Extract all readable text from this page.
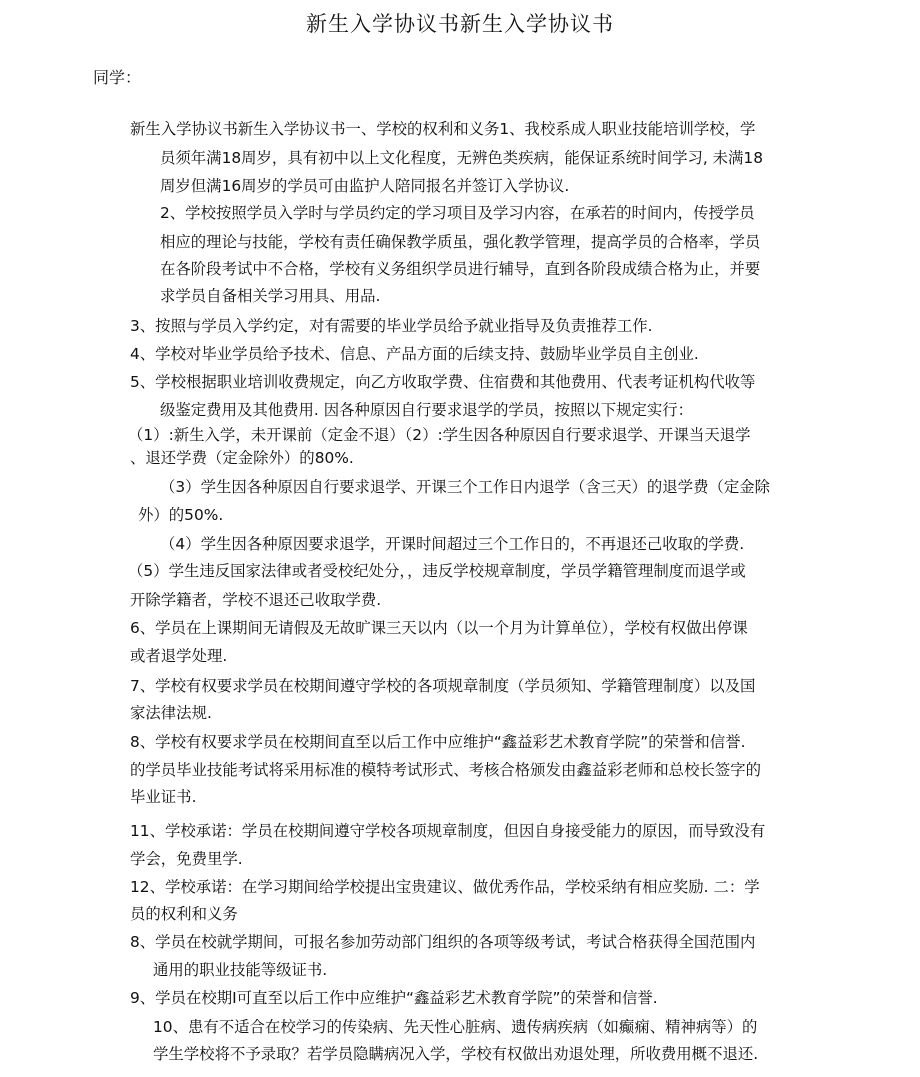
新生入学协议书新生入学协议书
同学：
新生入学协议书新生入学协议书一、学校的权利和义务1、我校系成人职业技能培训学校，学
员须年满18周岁，具有初中以上文化程度，无辨色类疾病，能保证系统时间学习, 未满18
周岁但满16周岁的学员可由监护人陪同报名并签订入学协议.
2、学校按照学员入学时与学员约定的学习项目及学习内容，在承若的时间内，传授学员
相应的理论与技能，学校有责任确保教学质虽，强化教学管理，提高学员的合格率，学员
在各阶段考试中不合格，学校有义务组织学员进行辅导，直到各阶段成绩合格为止，并要
求学员自备相关学习用具、用品.
3、按照与学员入学约定，对有需要的毕业学员给予就业指导及负责推荐工作.
4、学校对毕业学员给予技术、信息、产品方面的后续支持、鼓励毕业学员自主创业.
5、学校根据职业培训收费规定，向乙方收取学费、住宿费和其他费用、代表考证机构代收等
级鉴定费用及其他费用. 因各种原因自行要求退学的学员，按照以下规定实行：
（1）:新生入学，未开课前（定金不退）（2）:学生因各种原因自行要求退学、开课当天退学
、退还学费（定金除外）的80%.
（3）学生因各种原因自行要求退学、开课三个工作日内退学（含三天）的退学费（定金除
外）的50%.
（4）学生因各种原因要求退学，开课时间超过三个工作日的，不再退还己收取的学费.
（5）学生违反国家法律或者受校纪处分，，违反学校规章制度，学员学籍管理制度而退学或
开除学籍者，学校不退还己收取学费.
6、学员在上课期间无请假及无故旷课三天以内（以一个月为计算单位），学校有权做出停课
或者退学处理.
7、学校有权要求学员在校期间遵守学校的各项规章制度（学员须知、学籍管理制度）以及国
家法律法规.
8、学校有权要求学员在校期间直至以后工作中应维护“鑫益彩艺术教育学院”的荣誉和信誉.
的学员毕业技能考试将采用标准的模特考试形式、考核合格颁发由鑫益彩老师和总校长签字的
毕业证书.
11、学校承诺：学员在校期间遵守学校各项规章制度，但因自身接受能力的原因，而导致没有
学会，免费里学.
12、学校承诺：在学习期间给学校提出宝贵建议、做优秀作品，学校采纳有相应奖励. 二：学
员的权利和义务
8、学员在校就学期间，可报名参加劳动部门组织的各项等级考试，考试合格获得全国范围内
通用的职业技能等级证书.
9、学员在校期I可直至以后工作中应维护“鑫益彩艺术教育学院”的荣誉和信誉.
10、患有不适合在校学习的传染病、先天性心脏病、遗传病疾病（如癫痫、精神病等）的
学生学校将不予录取？若学员隐瞒病况入学，学校有权做出劝退处理，所收费用概不退还.
